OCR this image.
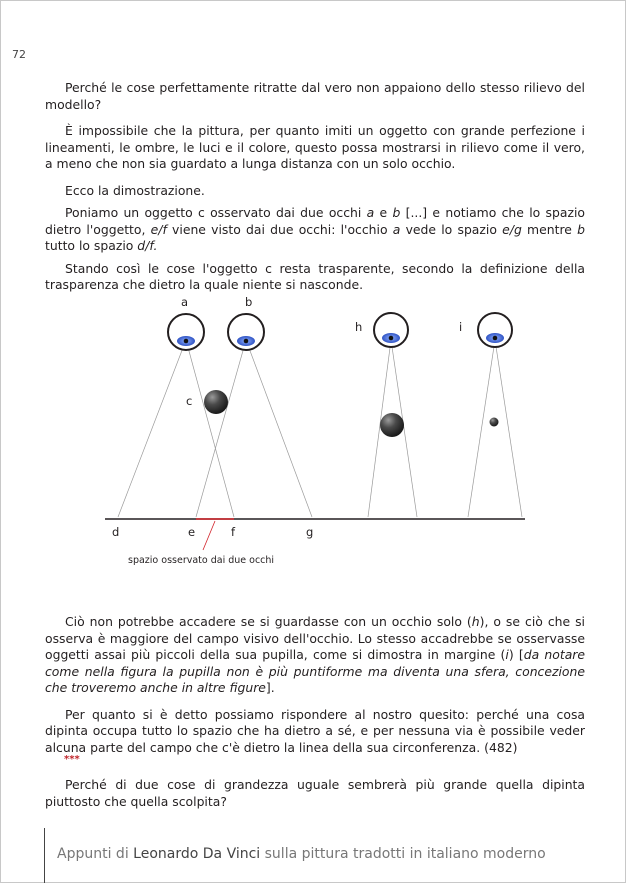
72

Perché le cose perfettamente ritratte dal vero non appaiono dello stesso rilievo del modello?

È impossibile che la pittura, per quanto imiti un oggetto con grande perfezione i lineamenti, le ombre, le luci e il colore, questo possa mostrarsi in rilievo come il vero, a meno che non sia guardato a lunga distanza con un solo occhio.

Ecco la dimostrazione.

Poniamo un oggetto c osservato dai due occhi a e b [...] e notiamo che lo spazio dietro l'oggetto, e/f viene visto dai due occhi: l'occhio a vede lo spazio e/g mentre b tutto lo spazio d/f.

Stando così le cose l'oggetto c resta trasparente, secondo la definizione della trasparenza che dietro la quale niente si nasconde.

a	b
c
h	i
d	e	f	g
spazio osservato dai due occhi

Ciò non potrebbe accadere se si guardasse con un occhio solo (h), o se ciò che si osserva è maggiore del campo visivo dell'occhio. Lo stesso accadrebbe se osservasse oggetti assai più piccoli della sua pupilla, come si dimostra in margine (i) [da notare come nella figura la pupilla non è più puntiforme ma diventa una sfera, concezione che troveremo anche in altre figure].

Per quanto si è detto possiamo rispondere al nostro quesito: perché una cosa dipinta occupa tutto lo spazio che ha dietro a sé, e per nessuna via è possibile veder alcuna parte del campo che c'è dietro la linea della sua circonferenza. (482)

***

Perché di due cose di grandezza uguale sembrerà più grande quella dipinta piuttosto che quella scolpita?

Appunti di Leonardo Da Vinci sulla pittura tradotti in italiano moderno
